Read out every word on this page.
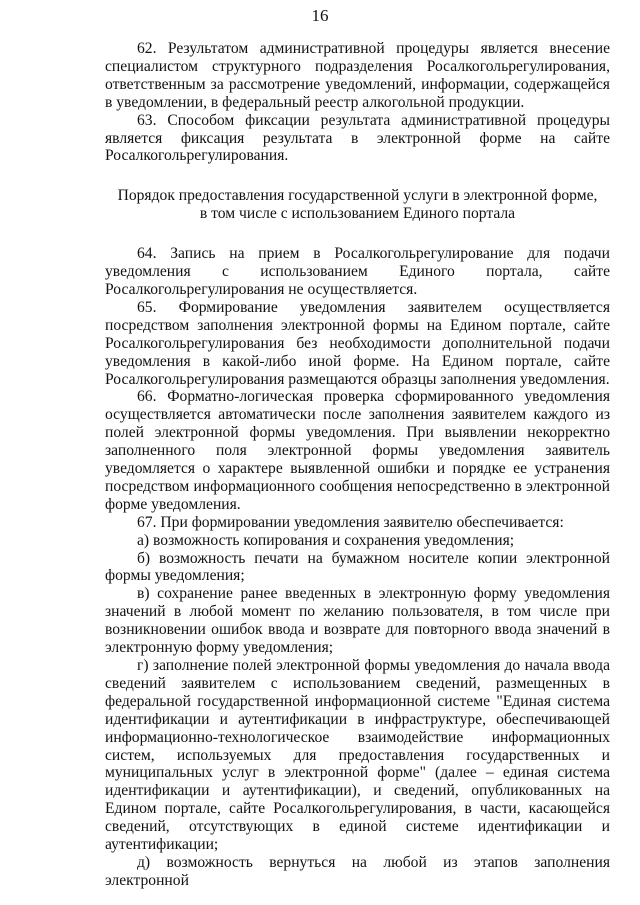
16

62. Результатом административной процедуры является внесение специалистом структурного подразделения Росалкогольрегулирования, ответственным за рассмотрение уведомлений, информации, содержащейся в уведомлении, в федеральный реестр алкогольной продукции.

63. Способом фиксации результата административной процедуры является фиксация результата в электронной форме на сайте Росалкогольрегулирования.

Порядок предоставления государственной услуги в электронной форме, в том числе с использованием Единого портала

64. Запись на прием в Росалкогольрегулирование для подачи уведомления с использованием Единого портала, сайте Росалкогольрегулирования не осуществляется.

65. Формирование уведомления заявителем осуществляется посредством заполнения электронной формы на Едином портале, сайте Росалкогольрегулирования без необходимости дополнительной подачи уведомления в какой-либо иной форме. На Едином портале, сайте Росалкогольрегулирования размещаются образцы заполнения уведомления.

66. Форматно-логическая проверка сформированного уведомления осуществляется автоматически после заполнения заявителем каждого из полей электронной формы уведомления. При выявлении некорректно заполненного поля электронной формы уведомления заявитель уведомляется о характере выявленной ошибки и порядке ее устранения посредством информационного сообщения непосредственно в электронной форме уведомления.

67. При формировании уведомления заявителю обеспечивается:

а) возможность копирования и сохранения уведомления;

б) возможность печати на бумажном носителе копии электронной формы уведомления;

в) сохранение ранее введенных в электронную форму уведомления значений в любой момент по желанию пользователя, в том числе при возникновении ошибок ввода и возврате для повторного ввода значений в электронную форму уведомления;

г) заполнение полей электронной формы уведомления до начала ввода сведений заявителем с использованием сведений, размещенных в федеральной государственной информационной системе "Единая система идентификации и аутентификации в инфраструктуре, обеспечивающей информационно-технологическое взаимодействие информационных систем, используемых для предоставления государственных и муниципальных услуг в электронной форме" (далее – единая система идентификации и аутентификации), и сведений, опубликованных на Едином портале, сайте Росалкогольрегулирования, в части, касающейся сведений, отсутствующих в единой системе идентификации и аутентификации;

д) возможность вернуться на любой из этапов заполнения электронной
